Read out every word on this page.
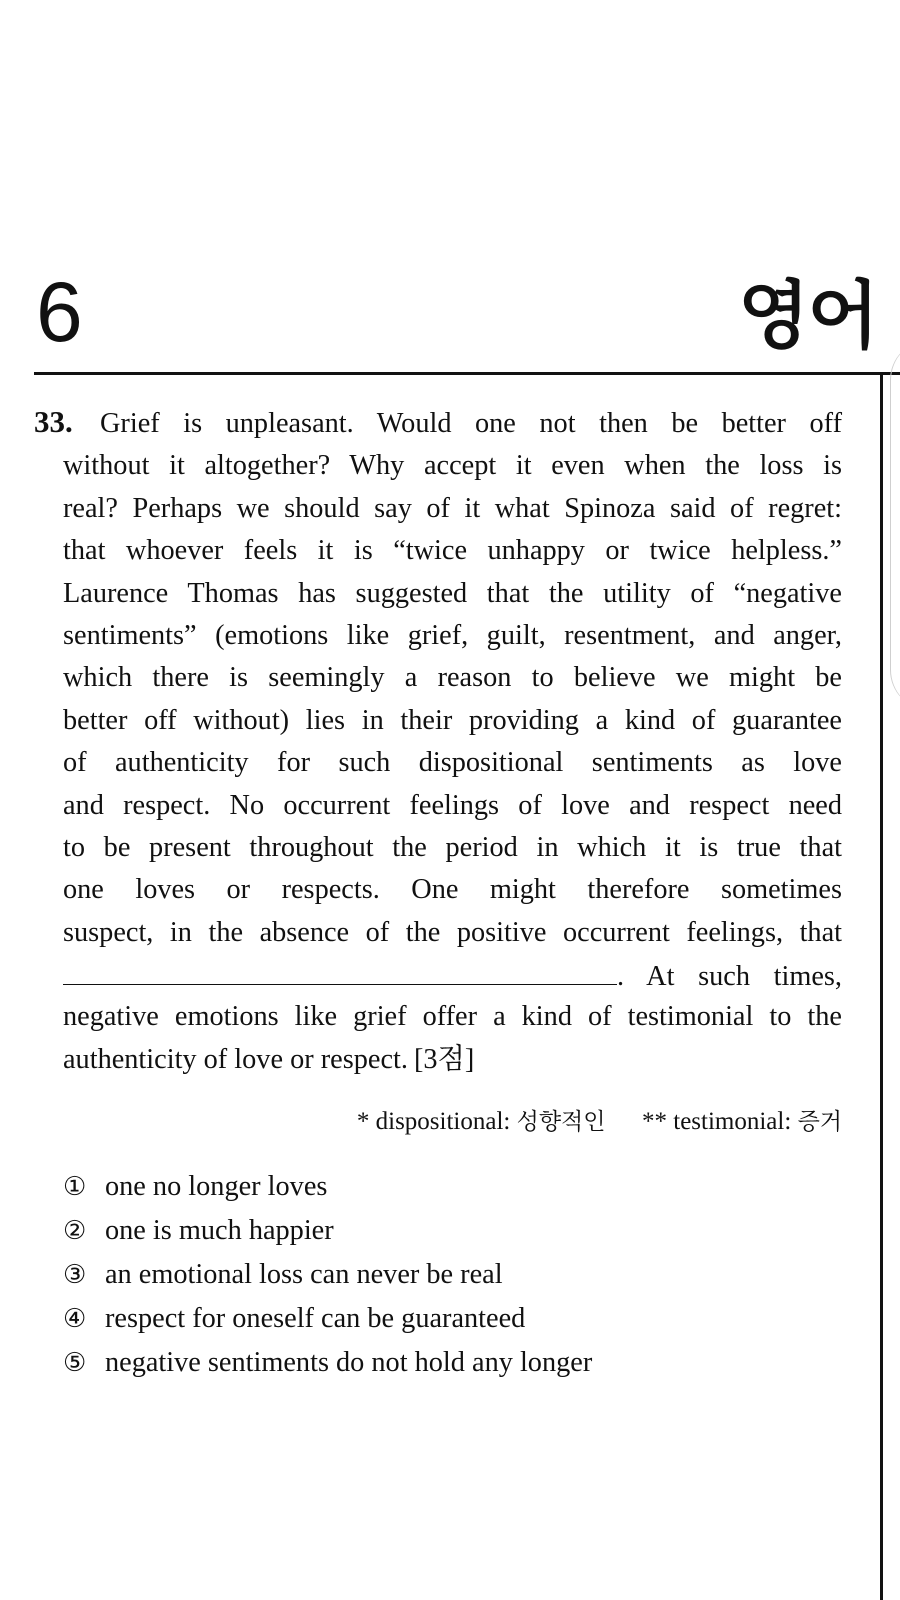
6	영어
33. Grief is unpleasant. Would one not then be better off
without it altogether? Why accept it even when the loss is
real? Perhaps we should say of it what Spinoza said of regret:
that whoever feels it is “twice unhappy or twice helpless.”
Laurence Thomas has suggested that the utility of “negative
sentiments” (emotions like grief, guilt, resentment, and anger,
which there is seemingly a reason to believe we might be
better off without) lies in their providing a kind of guarantee
of authenticity for such dispositional sentiments as love
and respect. No occurrent feelings of love and respect need
to be present throughout the period in which it is true that
one loves or respects. One might therefore sometimes
suspect, in the absence of the positive occurrent feelings, that
. At such times,
negative emotions like grief offer a kind of testimonial to the
authenticity of love or respect. [3점]
* dispositional: 성향적인 ** testimonial: 증거
① one no longer loves
② one is much happier
③ an emotional loss can never be real
④ respect for oneself can be guaranteed
⑤ negative sentiments do not hold any longer
